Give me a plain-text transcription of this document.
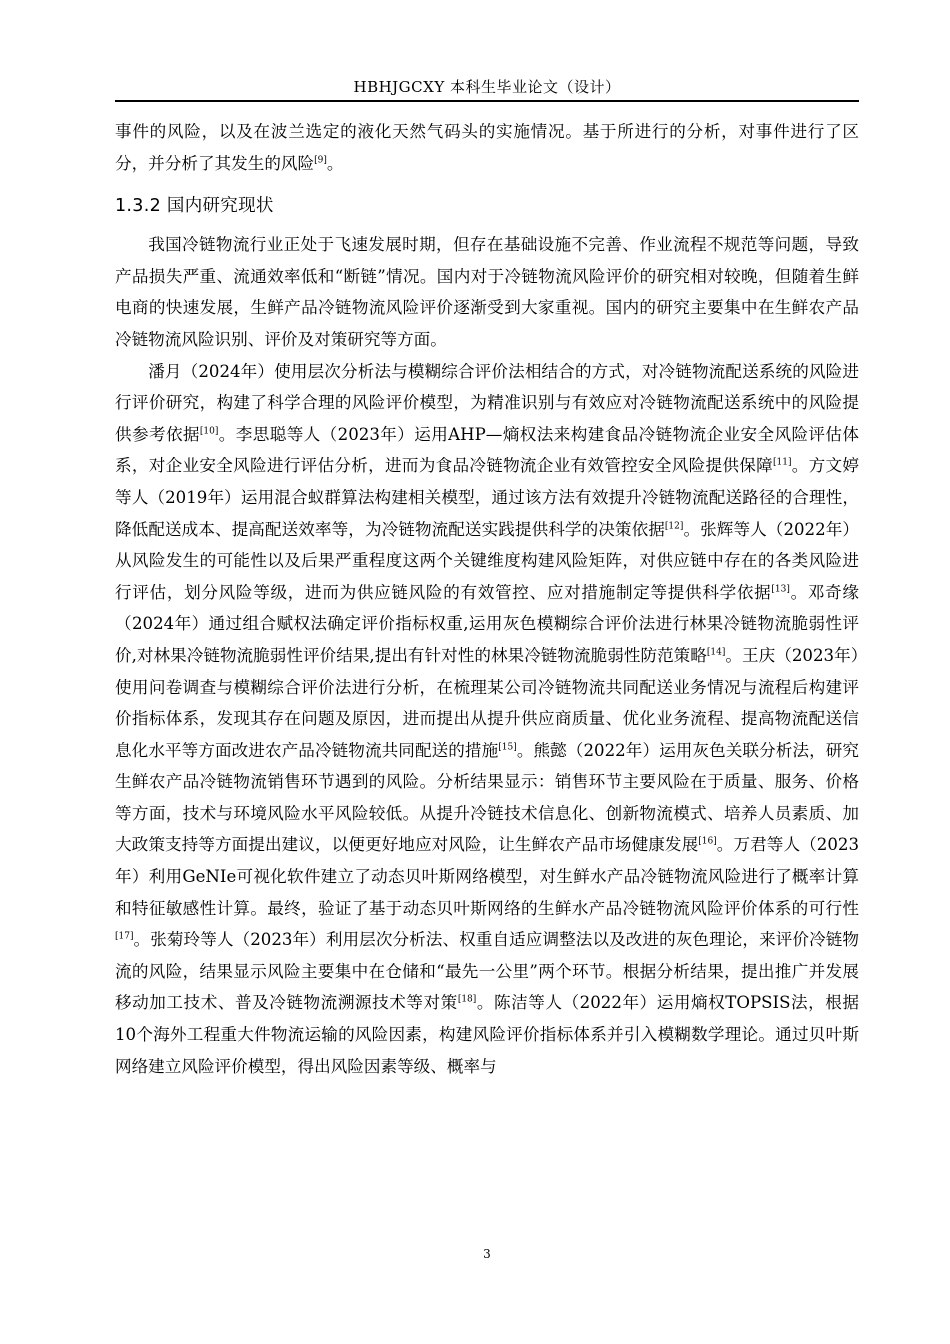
HBHJGCXY 本科生毕业论文（设计）

事件的风险，以及在波兰选定的液化天然气码头的实施情况。基于所进行的分析，对事件进行了区分，并分析了其发生的风险[9]。

1.3.2 国内研究现状

我国冷链物流行业正处于飞速发展时期，但存在基础设施不完善、作业流程不规范等问题，导致产品损失严重、流通效率低和“断链”情况。国内对于冷链物流风险评价的研究相对较晚，但随着生鲜电商的快速发展，生鲜产品冷链物流风险评价逐渐受到大家重视。国内的研究主要集中在生鲜农产品冷链物流风险识别、评价及对策研究等方面。

潘月（2024年）使用层次分析法与模糊综合评价法相结合的方式，对冷链物流配送系统的风险进行评价研究，构建了科学合理的风险评价模型，为精准识别与有效应对冷链物流配送系统中的风险提供参考依据[10]。李思聪等人（2023年）运用AHP—熵权法来构建食品冷链物流企业安全风险评估体系，对企业安全风险进行评估分析，进而为食品冷链物流企业有效管控安全风险提供保障[11]。方文婷等人（2019年）运用混合蚁群算法构建相关模型，通过该方法有效提升冷链物流配送路径的合理性，降低配送成本、提高配送效率等，为冷链物流配送实践提供科学的决策依据[12]。张辉等人（2022年）从风险发生的可能性以及后果严重程度这两个关键维度构建风险矩阵，对供应链中存在的各类风险进行评估，划分风险等级，进而为供应链风险的有效管控、应对措施制定等提供科学依据[13]。邓奇缘（2024年）通过组合赋权法确定评价指标权重,运用灰色模糊综合评价法进行林果冷链物流脆弱性评价,对林果冷链物流脆弱性评价结果,提出有针对性的林果冷链物流脆弱性防范策略[14]。王庆（2023年）使用问卷调查与模糊综合评价法进行分析，在梳理某公司冷链物流共同配送业务情况与流程后构建评价指标体系，发现其存在问题及原因，进而提出从提升供应商质量、优化业务流程、提高物流配送信息化水平等方面改进农产品冷链物流共同配送的措施[15]。熊懿（2022年）运用灰色关联分析法，研究生鲜农产品冷链物流销售环节遇到的风险。分析结果显示：销售环节主要风险在于质量、服务、价格等方面，技术与环境风险水平风险较低。从提升冷链技术信息化、创新物流模式、培养人员素质、加大政策支持等方面提出建议，以便更好地应对风险，让生鲜农产品市场健康发展[16]。万君等人（2023年）利用GeNIe可视化软件建立了动态贝叶斯网络模型，对生鲜水产品冷链物流风险进行了概率计算和特征敏感性计算。最终，验证了基于动态贝叶斯网络的生鲜水产品冷链物流风险评价体系的可行性[17]。张菊玲等人（2023年）利用层次分析法、权重自适应调整法以及改进的灰色理论，来评价冷链物流的风险，结果显示风险主要集中在仓储和“最先一公里”两个环节。根据分析结果，提出推广并发展移动加工技术、普及冷链物流溯源技术等对策[18]。陈洁等人（2022年）运用熵权TOPSIS法，根据10个海外工程重大件物流运输的风险因素，构建风险评价指标体系并引入模糊数学理论。通过贝叶斯网络建立风险评价模型，得出风险因素等级、概率与

3
